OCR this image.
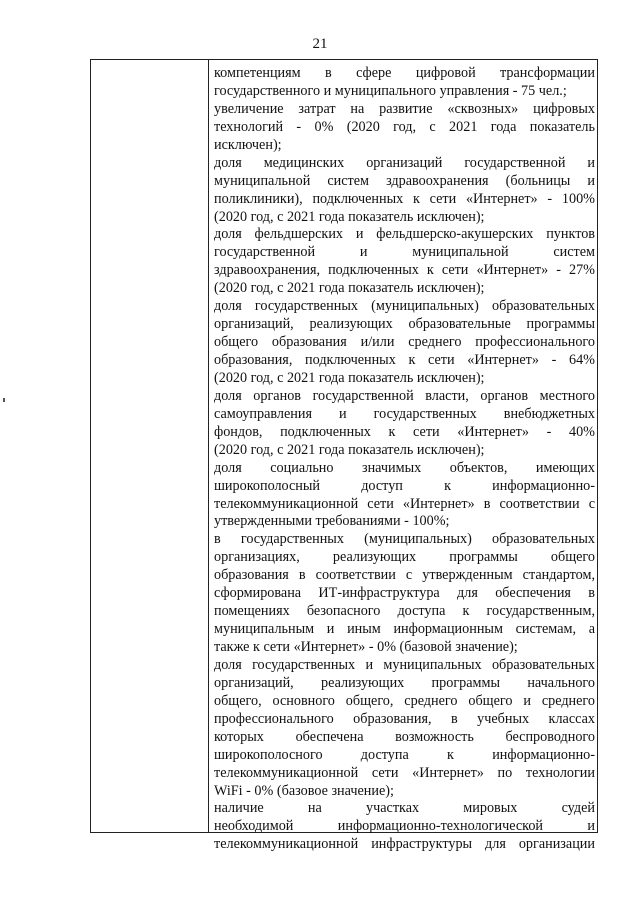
21
компетенциям в сфере цифровой трансформации
государственного и муниципального управления - 75 чел.;
увеличение затрат на развитие «сквозных» цифровых
технологий - 0% (2020 год, с 2021 года показатель
исключен);
доля медицинских организаций государственной и
муниципальной систем здравоохранения (больницы и
поликлиники), подключенных к сети «Интернет» - 100%
(2020 год, с 2021 года показатель исключен);
доля фельдшерских и фельдшерско-акушерских пунктов
государственной и муниципальной систем
здравоохранения, подключенных к сети «Интернет» - 27%
(2020 год, с 2021 года показатель исключен);
доля государственных (муниципальных) образовательных
организаций, реализующих образовательные программы
общего образования и/или среднего профессионального
образования, подключенных к сети «Интернет» - 64%
(2020 год, с 2021 года показатель исключен);
доля органов государственной власти, органов местного
самоуправления и государственных внебюджетных
фондов, подключенных к сети «Интернет» - 40%
(2020 год, с 2021 года показатель исключен);
доля социально значимых объектов, имеющих
широкополосный доступ к информационно-
телекоммуникационной сети «Интернет» в соответствии с
утвержденными требованиями - 100%;
в государственных (муниципальных) образовательных
организациях, реализующих программы общего
образования в соответствии с утвержденным стандартом,
сформирована ИТ-инфраструктура для обеспечения в
помещениях безопасного доступа к государственным,
муниципальным и иным информационным системам, а
также к сети «Интернет» - 0% (базовой значение);
доля государственных и муниципальных образовательных
организаций, реализующих программы начального
общего, основного общего, среднего общего и среднего
профессионального образования, в учебных классах
которых обеспечена возможность беспроводного
широкополосного доступа к информационно-
телекоммуникационной сети «Интернет» по технологии
WiFi - 0% (базовое значение);
наличие на участках мировых судей
необходимой информационно-технологической и
телекоммуникационной инфраструктуры для организации
